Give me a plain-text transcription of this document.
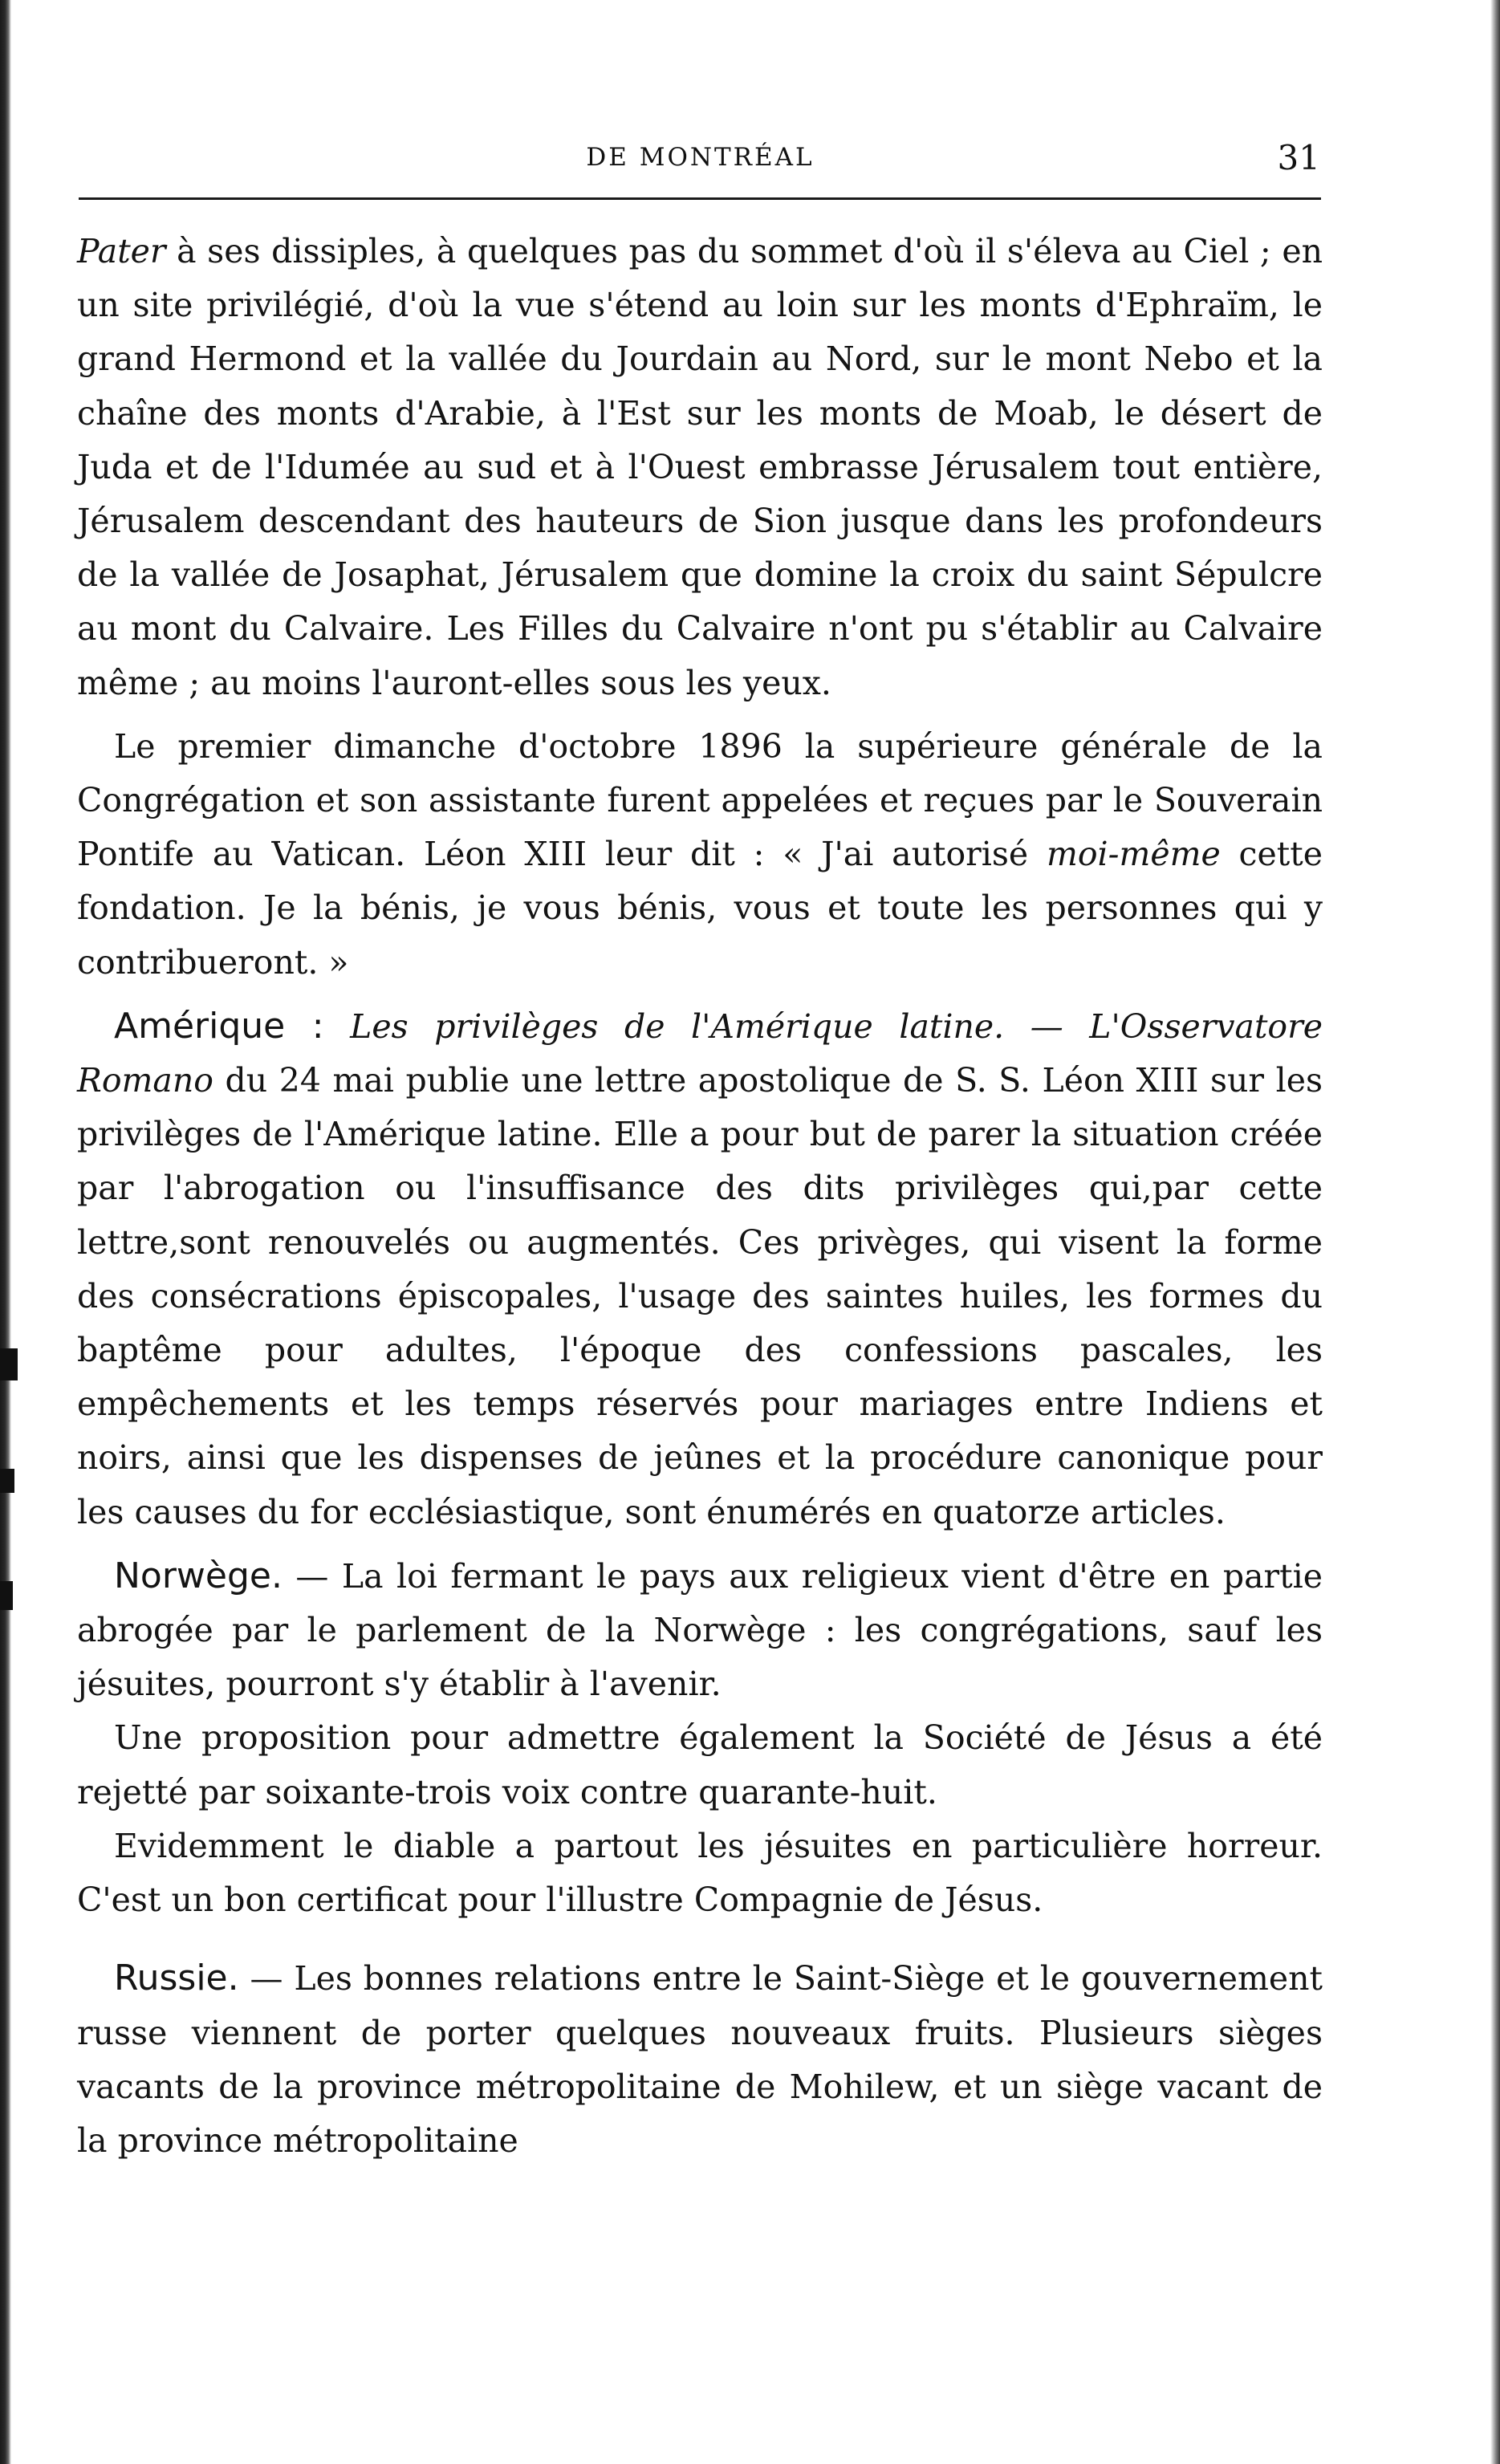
DE MONTRÉAL	31

Pater à ses dissiples, à quelques pas du sommet d'où il s'éleva au Ciel ; en un site privilégié, d'où la vue s'étend au loin sur les monts d'Ephraïm, le grand Hermond et la vallée du Jourdain au Nord, sur le mont Nebo et la chaîne des monts d'Arabie, à l'Est sur les monts de Moab, le désert de Juda et de l'Idumée au sud et à l'Ouest embrasse Jérusalem tout entière, Jérusalem descendant des hauteurs de Sion jusque dans les profondeurs de la vallée de Josaphat, Jérusalem que domine la croix du saint Sépulcre au mont du Calvaire. Les Filles du Calvaire n'ont pu s'établir au Calvaire même ; au moins l'auront-elles sous les yeux.

Le premier dimanche d'octobre 1896 la supérieure générale de la Congrégation et son assistante furent appelées et reçues par le Souverain Pontife au Vatican. Léon XIII leur dit : « J'ai autorisé moi-même cette fondation. Je la bénis, je vous bénis, vous et toute les personnes qui y contribueront. »

Amérique : Les privilèges de l'Amérique latine. — L'Osservatore Romano du 24 mai publie une lettre apostolique de S. S. Léon XIII sur les privilèges de l'Amérique latine. Elle a pour but de parer la situation créée par l'abrogation ou l'insuffisance des dits privilèges qui,par cette lettre,sont renouvelés ou augmentés. Ces privèges, qui visent la forme des consécrations épiscopales, l'usage des saintes huiles, les formes du baptême pour adultes, l'époque des confessions pascales, les empêchements et les temps réservés pour mariages entre Indiens et noirs, ainsi que les dispenses de jeûnes et la procédure canonique pour les causes du for ecclésiastique, sont énumérés en quatorze articles.

Norwège. — La loi fermant le pays aux religieux vient d'être en partie abrogée par le parlement de la Norwège : les congrégations, sauf les jésuites, pourront s'y établir à l'avenir.

Une proposition pour admettre également la Société de Jésus a été rejetté par soixante-trois voix contre quarante-huit.

Evidemment le diable a partout les jésuites en particulière horreur. C'est un bon certificat pour l'illustre Compagnie de Jésus.

Russie. — Les bonnes relations entre le Saint-Siège et le gouvernement russe viennent de porter quelques nouveaux fruits. Plusieurs sièges vacants de la province métropolitaine de Mohilew, et un siège vacant de la province métropolitaine
